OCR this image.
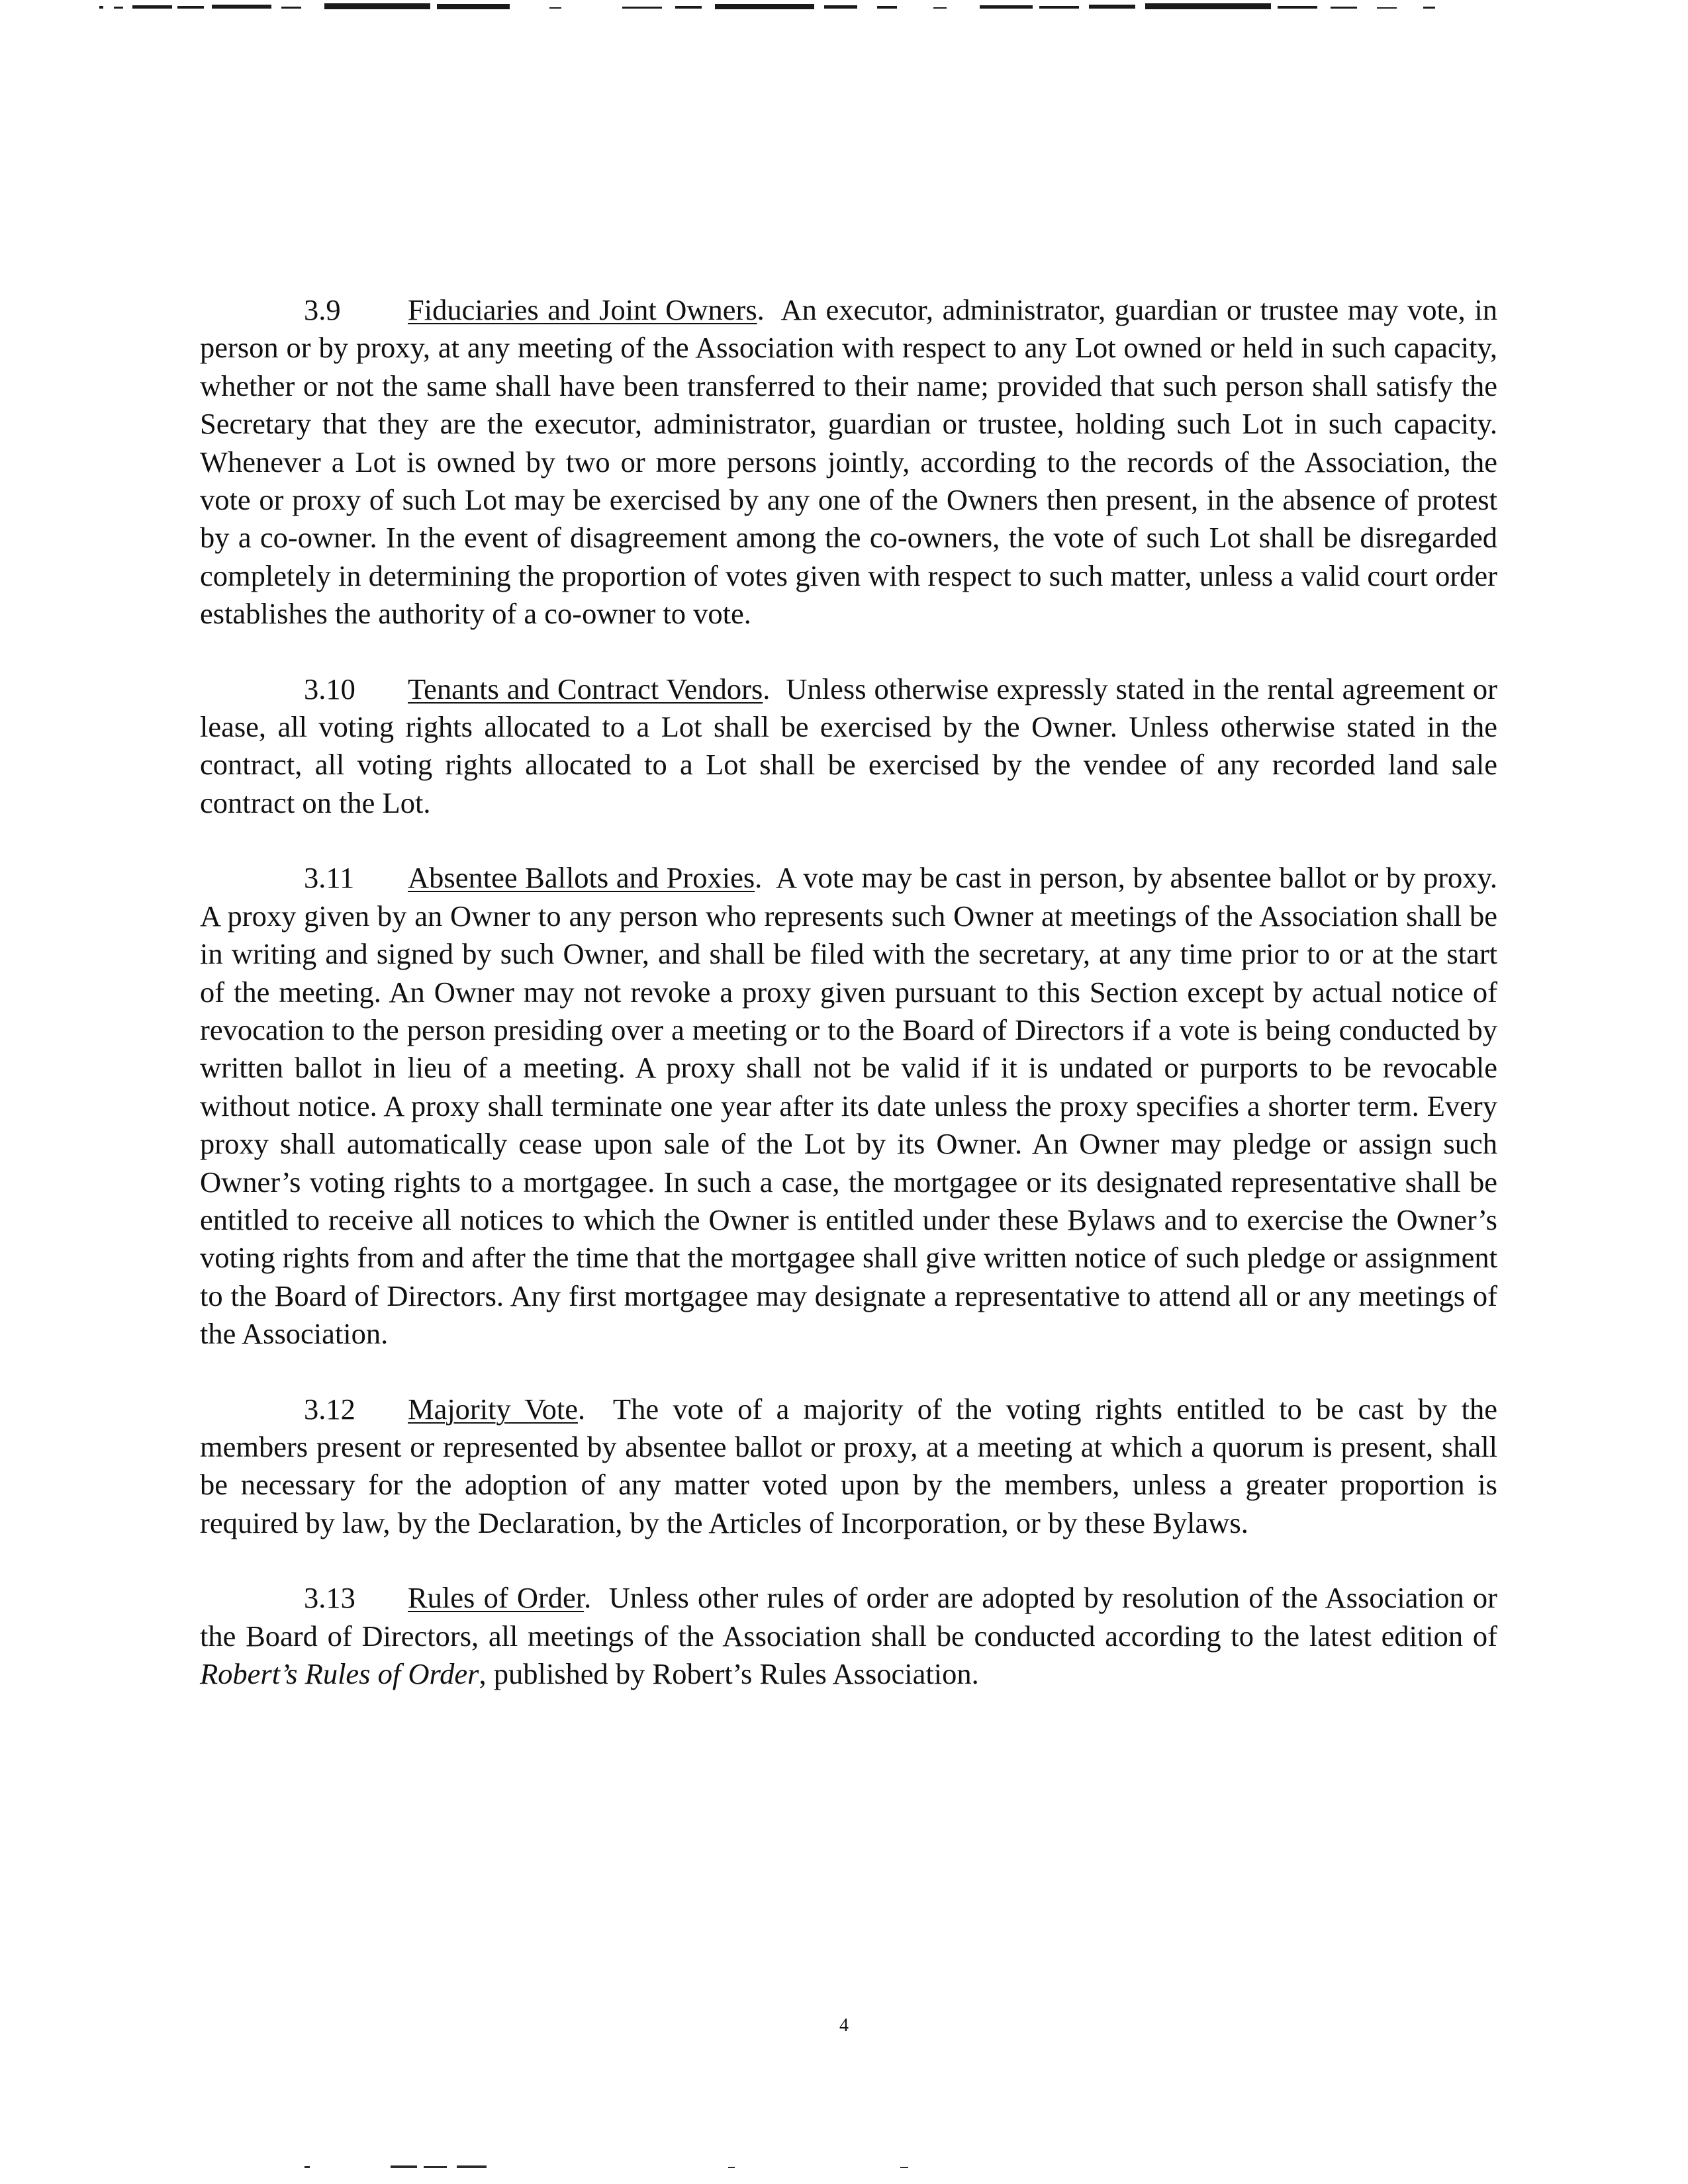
3.9 Fiduciaries and Joint Owners.  An executor, administrator, guardian or trustee may vote, in person or by proxy, at any meeting of the Association with respect to any Lot owned or held in such capacity, whether or not the same shall have been transferred to their name; provided that such person shall satisfy the Secretary that they are the executor, administrator, guardian or trustee, holding such Lot in such capacity. Whenever a Lot is owned by two or more persons jointly, according to the records of the Association, the vote or proxy of such Lot may be exercised by any one of the Owners then present, in the absence of protest by a co-owner. In the event of disagreement among the co-owners, the vote of such Lot shall be disregarded completely in determining the proportion of votes given with respect to such matter, unless a valid court order establishes the authority of a co-owner to vote.

3.10 Tenants and Contract Vendors.  Unless otherwise expressly stated in the rental agreement or lease, all voting rights allocated to a Lot shall be exercised by the Owner. Unless otherwise stated in the contract, all voting rights allocated to a Lot shall be exercised by the vendee of any recorded land sale contract on the Lot.

3.11 Absentee Ballots and Proxies.  A vote may be cast in person, by absentee ballot or by proxy. A proxy given by an Owner to any person who represents such Owner at meetings of the Association shall be in writing and signed by such Owner, and shall be filed with the secretary, at any time prior to or at the start of the meeting. An Owner may not revoke a proxy given pursuant to this Section except by actual notice of revocation to the person presiding over a meeting or to the Board of Directors if a vote is being conducted by written ballot in lieu of a meeting. A proxy shall not be valid if it is undated or purports to be revocable without notice. A proxy shall terminate one year after its date unless the proxy specifies a shorter term. Every proxy shall automatically cease upon sale of the Lot by its Owner. An Owner may pledge or assign such Owner’s voting rights to a mortgagee. In such a case, the mortgagee or its designated representative shall be entitled to receive all notices to which the Owner is entitled under these Bylaws and to exercise the Owner’s voting rights from and after the time that the mortgagee shall give written notice of such pledge or assignment to the Board of Directors. Any first mortgagee may designate a representative to attend all or any meetings of the Association.

3.12 Majority Vote.  The vote of a majority of the voting rights entitled to be cast by the members present or represented by absentee ballot or proxy, at a meeting at which a quorum is present, shall be necessary for the adoption of any matter voted upon by the members, unless a greater proportion is required by law, by the Declaration, by the Articles of Incorporation, or by these Bylaws.

3.13 Rules of Order.  Unless other rules of order are adopted by resolution of the Association or the Board of Directors, all meetings of the Association shall be conducted according to the latest edition of Robert’s Rules of Order, published by Robert’s Rules Association.

4
